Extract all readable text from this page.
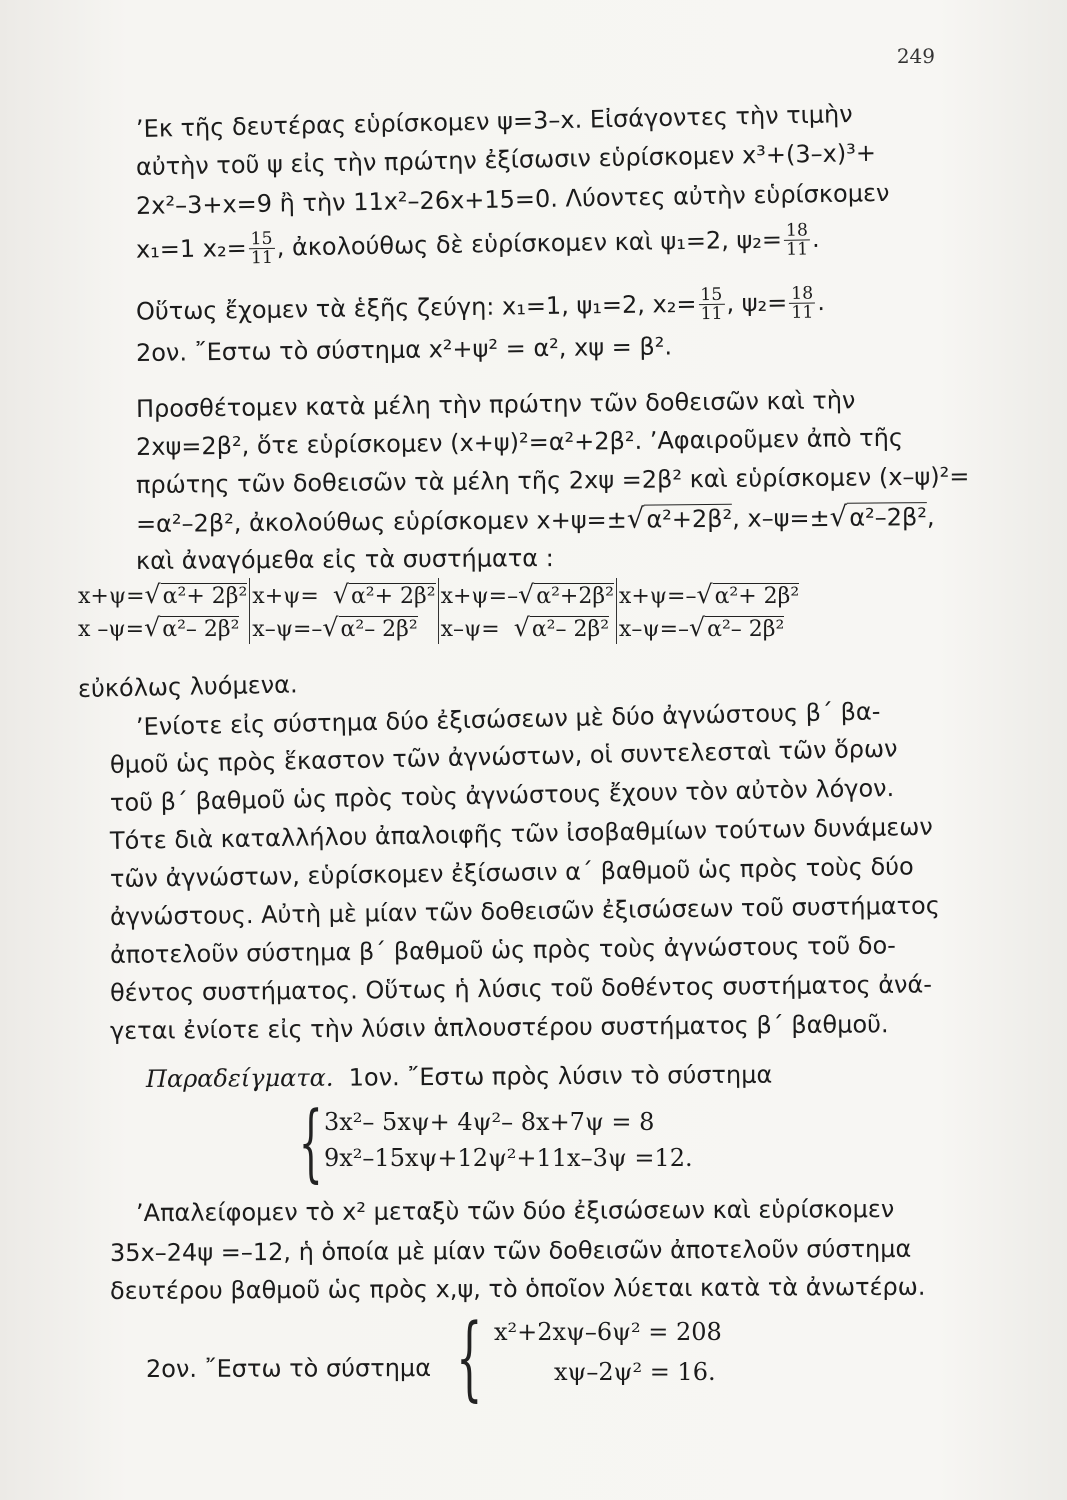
249
’Εκ τῆς δευτέρας εὑρίσκομεν ψ=3–x. Εἰσάγοντες τὴν τιμὴν
αὐτὴν τοῦ ψ εἰς τὴν πρώτην ἐξίσωσιν εὑρίσκομεν x³+(3–x)³+
2x²–3+x=9 ἢ τὴν 11x²–26x+15=0. Λύοντες αὐτὴν εὑρίσκομεν
x₁=1 $x_2= \frac{15}{11}$ , ἀκολούθως δὲ εὑρίσκομεν καὶ ψ₁=2, $\psi_2= \frac{18}{11}$ .
Οὕτως ἔχομεν τὰ ἑξῆς ζεύγη: x₁=1, ψ₁=2, $x_2= \frac{15}{11}$ , $\psi_2= \frac{18}{11}$ .
2ον. ῎Εστω τὸ σύστημα x²+ψ² = α², xψ = β².
Προσθέτομεν κατὰ μέλη τὴν πρώτην τῶν δοθεισῶν καὶ τὴν
2xψ=2β², ὅτε εὑρίσκομεν (x+ψ)²=α²+2β². ’Αφαιροῦμεν ἀπὸ τῆς
πρώτης τῶν δοθεισῶν τὰ μέλη τῆς 2xψ =2β² καὶ εὑρίσκομεν (x–ψ)²=
=α²–2β², ἀκολούθως εὑρίσκομεν x+ψ=±√α²+2β², x–ψ=±√α²–2β²,
καὶ ἀναγόμεθα εἰς τὰ συστήματα :
x+ψ=√α²+ 2β²	x+ψ= √α²+ 2β²	x+ψ=–√α²+2β²	x+ψ=–√α²+ 2β²
x –ψ=√α²– 2β²	x–ψ=–√α²– 2β²	x–ψ= √α²– 2β²	x–ψ=–√α²– 2β²
εὐκόλως λυόμενα.
’Ενίοτε εἰς σύστημα δύο ἐξισώσεων μὲ δύο ἀγνώστους β΄ βα-
θμοῦ ὡς πρὸς ἕκαστον τῶν ἀγνώστων, οἱ συντελεσταὶ τῶν ὅρων
τοῦ β΄ βαθμοῦ ὡς πρὸς τοὺς ἀγνώστους ἔχουν τὸν αὐτὸν λόγον.
Τότε διὰ καταλλήλου ἀπαλοιφῆς τῶν ἰσοβαθμίων τούτων δυνάμεων
τῶν ἀγνώστων, εὑρίσκομεν ἐξίσωσιν α΄ βαθμοῦ ὡς πρὸς τοὺς δύο
ἀγνώστους. Αὐτὴ μὲ μίαν τῶν δοθεισῶν ἐξισώσεων τοῦ συστήματος
ἀποτελοῦν σύστημα β΄ βαθμοῦ ὡς πρὸς τοὺς ἀγνώστους τοῦ δο-
θέντος συστήματος. Οὕτως ἡ λύσις τοῦ δοθέντος συστήματος ἀνά-
γεται ἐνίοτε εἰς τὴν λύσιν ἁπλουστέρου συστήματος β΄ βαθμοῦ.
Παραδείγματα. 1ον. ῎Εστω πρὸς λύσιν τὸ σύστημα
{ 3x²– 5xψ+ 4ψ²– 8x+7ψ = 8
9x²–15xψ+12ψ²+11x–3ψ =12.
’Απαλείφομεν τὸ x² μεταξὺ τῶν δύο ἐξισώσεων καὶ εὑρίσκομεν
35x–24ψ =–12, ἡ ὁποία μὲ μίαν τῶν δοθεισῶν ἀποτελοῦν σύστημα
δευτέρου βαθμοῦ ὡς πρὸς x,ψ, τὸ ὁποῖον λύεται κατὰ τὰ ἀνωτέρω.
2ον. ῎Εστω τὸ σύστημα { x²+2xψ–6ψ² = 208
xψ–2ψ² = 16.
